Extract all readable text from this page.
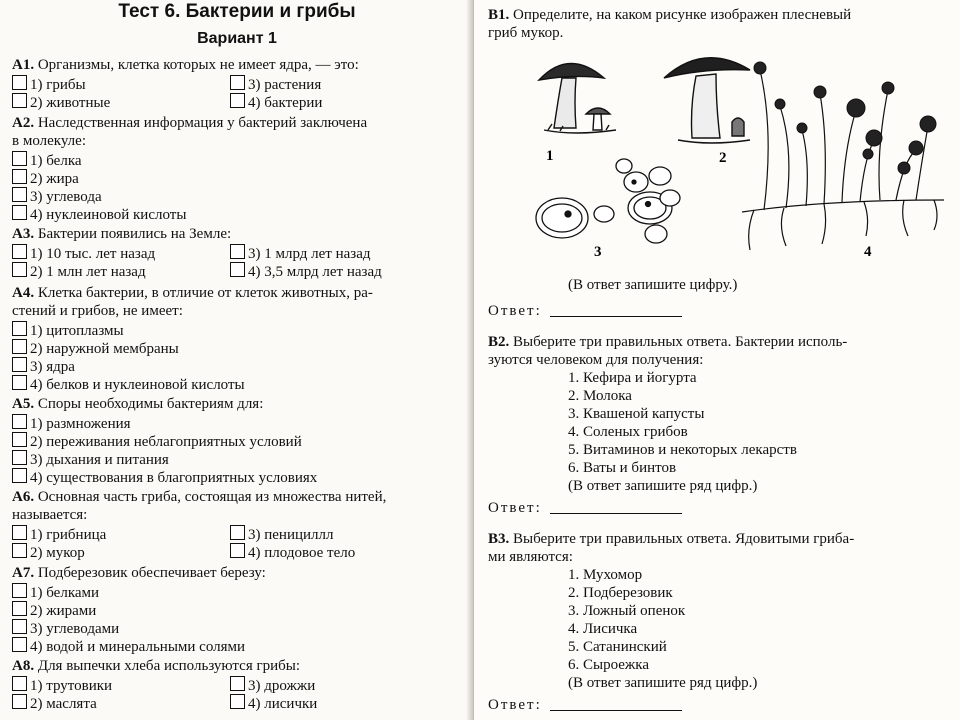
Тест 6. Бактерии и грибы
Вариант 1
А1. Организмы, клетка которых не имеет ядра, — это:
1) грибы	3) растения
2) животные	4) бактерии
А2. Наследственная информация у бактерий заключена
в молекуле:
1) белка
2) жира
3) углевода
4) нуклеиновой кислоты
А3. Бактерии появились на Земле:
1) 10 тыс. лет назад	3) 1 млрд лет назад
2) 1 млн лет назад	4) 3,5 млрд лет назад
А4. Клетка бактерии, в отличие от клеток животных, ра-
стений и грибов, не имеет:
1) цитоплазмы
2) наружной мембраны
3) ядра
4) белков и нуклеиновой кислоты
А5. Споры необходимы бактериям для:
1) размножения
2) переживания неблагоприятных условий
3) дыхания и питания
4) существования в благоприятных условиях
А6. Основная часть гриба, состоящая из множества нитей,
называется:
1) грибница	3) пенициллл
2) мукор	4) плодовое тело
А7. Подберезовик обеспечивает березу:
1) белками
2) жирами
3) углеводами
4) водой и минеральными солями
А8. Для выпечки хлеба используются грибы:
1) трутовики	3) дрожжи
2) маслята	4) лисички
В1. Определите, на каком рисунке изображен плесневый
гриб мукор.
1	2
3	4
(В ответ запишите цифру.)
Ответ:
В2. Выберите три правильных ответа. Бактерии исполь-
зуются человеком для получения:
1. Кефира и йогурта
2. Молока
3. Квашеной капусты
4. Соленых грибов
5. Витаминов и некоторых лекарств
6. Ваты и бинтов
(В ответ запишите ряд цифр.)
Ответ:
В3. Выберите три правильных ответа. Ядовитыми гриба-
ми являются:
1. Мухомор
2. Подберезовик
3. Ложный опенок
4. Лисичка
5. Сатанинский
6. Сыроежка
(В ответ запишите ряд цифр.)
Ответ:
